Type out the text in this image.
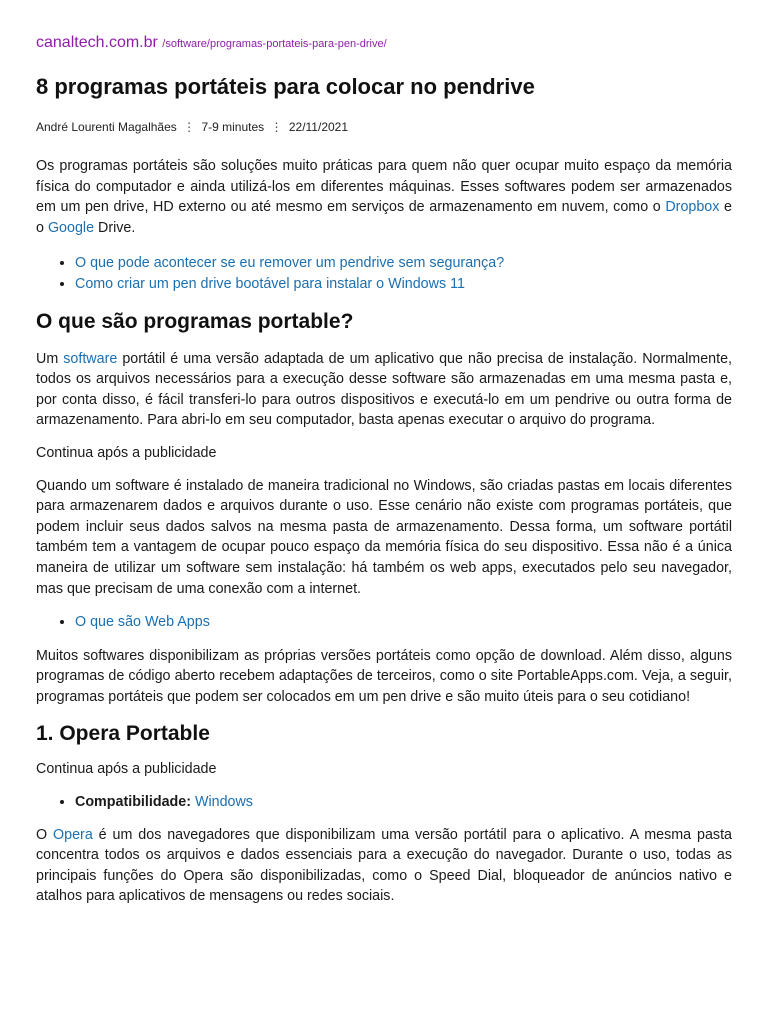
canaltech.com.br /software/programas-portateis-para-pen-drive/
8 programas portáteis para colocar no pendrive
André Lourenti Magalhães ⋮ 7-9 minutes ⋮ 22/11/2021

Os programas portáteis são soluções muito práticas para quem não quer ocupar muito espaço da memória física do computador e ainda utilizá-los em diferentes máquinas. Esses softwares podem ser armazenados em um pen drive, HD externo ou até mesmo em serviços de armazenamento em nuvem, como o Dropbox e o Google Drive.

• O que pode acontecer se eu remover um pendrive sem segurança?
• Como criar um pen drive bootável para instalar o Windows 11
O que são programas portable?

Um software portátil é uma versão adaptada de um aplicativo que não precisa de instalação. Normalmente, todos os arquivos necessários para a execução desse software são armazenadas em uma mesma pasta e, por conta disso, é fácil transferi-lo para outros dispositivos e executá-lo em um pendrive ou outra forma de armazenamento. Para abri-lo em seu computador, basta apenas executar o arquivo do programa.

Continua após a publicidade

Quando um software é instalado de maneira tradicional no Windows, são criadas pastas em locais diferentes para armazenarem dados e arquivos durante o uso. Esse cenário não existe com programas portáteis, que podem incluir seus dados salvos na mesma pasta de armazenamento. Dessa forma, um software portátil também tem a vantagem de ocupar pouco espaço da memória física do seu dispositivo. Essa não é a única maneira de utilizar um software sem instalação: há também os web apps, executados pelo seu navegador, mas que precisam de uma conexão com a internet.

• O que são Web Apps

Muitos softwares disponibilizam as próprias versões portáteis como opção de download. Além disso, alguns programas de código aberto recebem adaptações de terceiros, como o site PortableApps.com. Veja, a seguir, programas portáteis que podem ser colocados em um pen drive e são muito úteis para o seu cotidiano!

1. Opera Portable

Continua após a publicidade

• Compatibilidade: Windows

O Opera é um dos navegadores que disponibilizam uma versão portátil para o aplicativo. A mesma pasta concentra todos os arquivos e dados essenciais para a execução do navegador. Durante o uso, todas as principais funções do Opera são disponibilizadas, como o Speed Dial, bloqueador de anúncios nativo e atalhos para aplicativos de mensagens ou redes sociais.
